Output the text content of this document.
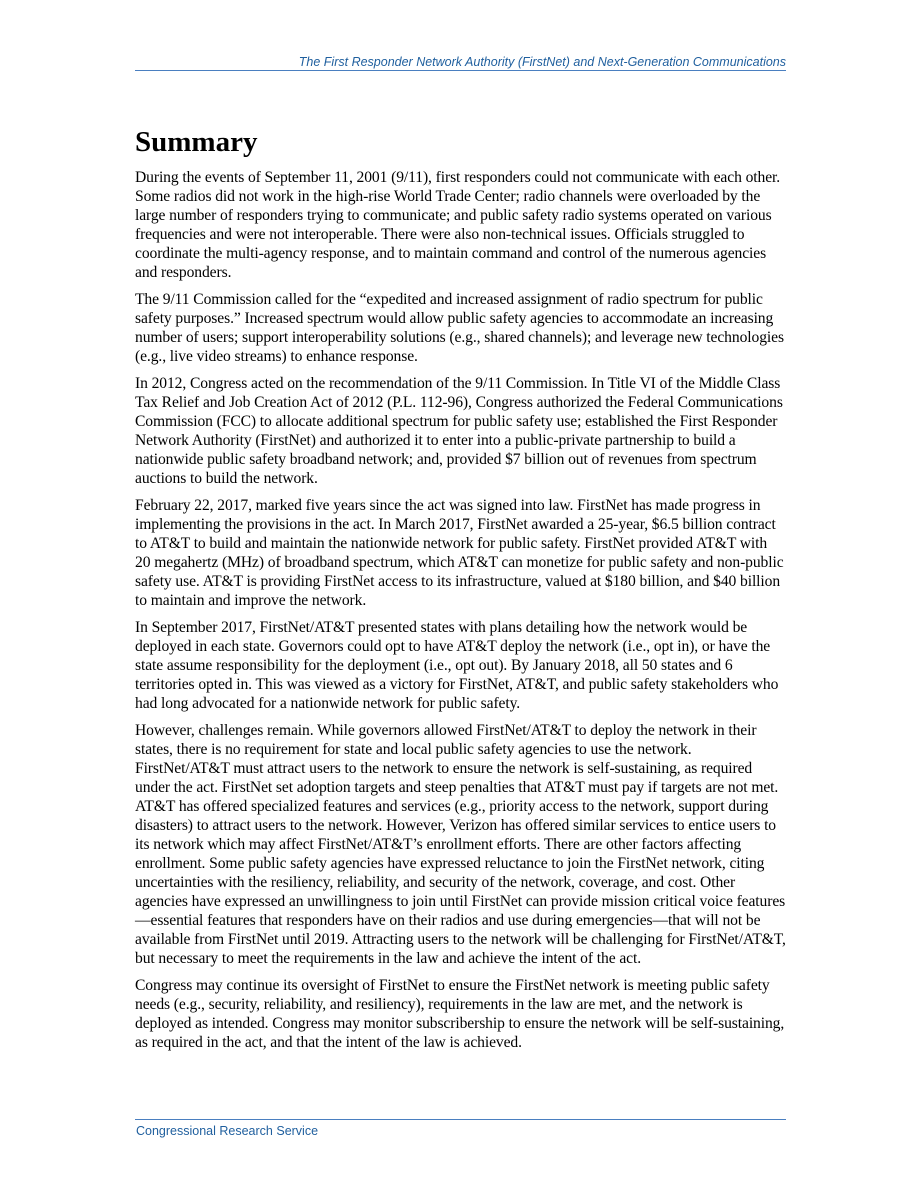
The First Responder Network Authority (FirstNet) and Next-Generation Communications
Summary

During the events of September 11, 2001 (9/11), first responders could not communicate with each other. Some radios did not work in the high-rise World Trade Center; radio channels were overloaded by the large number of responders trying to communicate; and public safety radio systems operated on various frequencies and were not interoperable. There were also non-technical issues. Officials struggled to coordinate the multi-agency response, and to maintain command and control of the numerous agencies and responders.

The 9/11 Commission called for the “expedited and increased assignment of radio spectrum for public safety purposes.” Increased spectrum would allow public safety agencies to accommodate an increasing number of users; support interoperability solutions (e.g., shared channels); and leverage new technologies (e.g., live video streams) to enhance response.

In 2012, Congress acted on the recommendation of the 9/11 Commission. In Title VI of the Middle Class Tax Relief and Job Creation Act of 2012 (P.L. 112-96), Congress authorized the Federal Communications Commission (FCC) to allocate additional spectrum for public safety use; established the First Responder Network Authority (FirstNet) and authorized it to enter into a public-private partnership to build a nationwide public safety broadband network; and, provided $7 billion out of revenues from spectrum auctions to build the network.

February 22, 2017, marked five years since the act was signed into law. FirstNet has made progress in implementing the provisions in the act. In March 2017, FirstNet awarded a 25-year, $6.5 billion contract to AT&T to build and maintain the nationwide network for public safety. FirstNet provided AT&T with 20 megahertz (MHz) of broadband spectrum, which AT&T can monetize for public safety and non-public safety use. AT&T is providing FirstNet access to its infrastructure, valued at $180 billion, and $40 billion to maintain and improve the network.

In September 2017, FirstNet/AT&T presented states with plans detailing how the network would be deployed in each state. Governors could opt to have AT&T deploy the network (i.e., opt in), or have the state assume responsibility for the deployment (i.e., opt out). By January 2018, all 50 states and 6 territories opted in. This was viewed as a victory for FirstNet, AT&T, and public safety stakeholders who had long advocated for a nationwide network for public safety.

However, challenges remain. While governors allowed FirstNet/AT&T to deploy the network in their states, there is no requirement for state and local public safety agencies to use the network. FirstNet/AT&T must attract users to the network to ensure the network is self-sustaining, as required under the act. FirstNet set adoption targets and steep penalties that AT&T must pay if targets are not met. AT&T has offered specialized features and services (e.g., priority access to the network, support during disasters) to attract users to the network. However, Verizon has offered similar services to entice users to its network which may affect FirstNet/AT&T’s enrollment efforts. There are other factors affecting enrollment. Some public safety agencies have expressed reluctance to join the FirstNet network, citing uncertainties with the resiliency, reliability, and security of the network, coverage, and cost. Other agencies have expressed an unwillingness to join until FirstNet can provide mission critical voice features—essential features that responders have on their radios and use during emergencies—that will not be available from FirstNet until 2019. Attracting users to the network will be challenging for FirstNet/AT&T, but necessary to meet the requirements in the law and achieve the intent of the act.

Congress may continue its oversight of FirstNet to ensure the FirstNet network is meeting public safety needs (e.g., security, reliability, and resiliency), requirements in the law are met, and the network is deployed as intended. Congress may monitor subscribership to ensure the network will be self-sustaining, as required in the act, and that the intent of the law is achieved.

Congressional Research Service
